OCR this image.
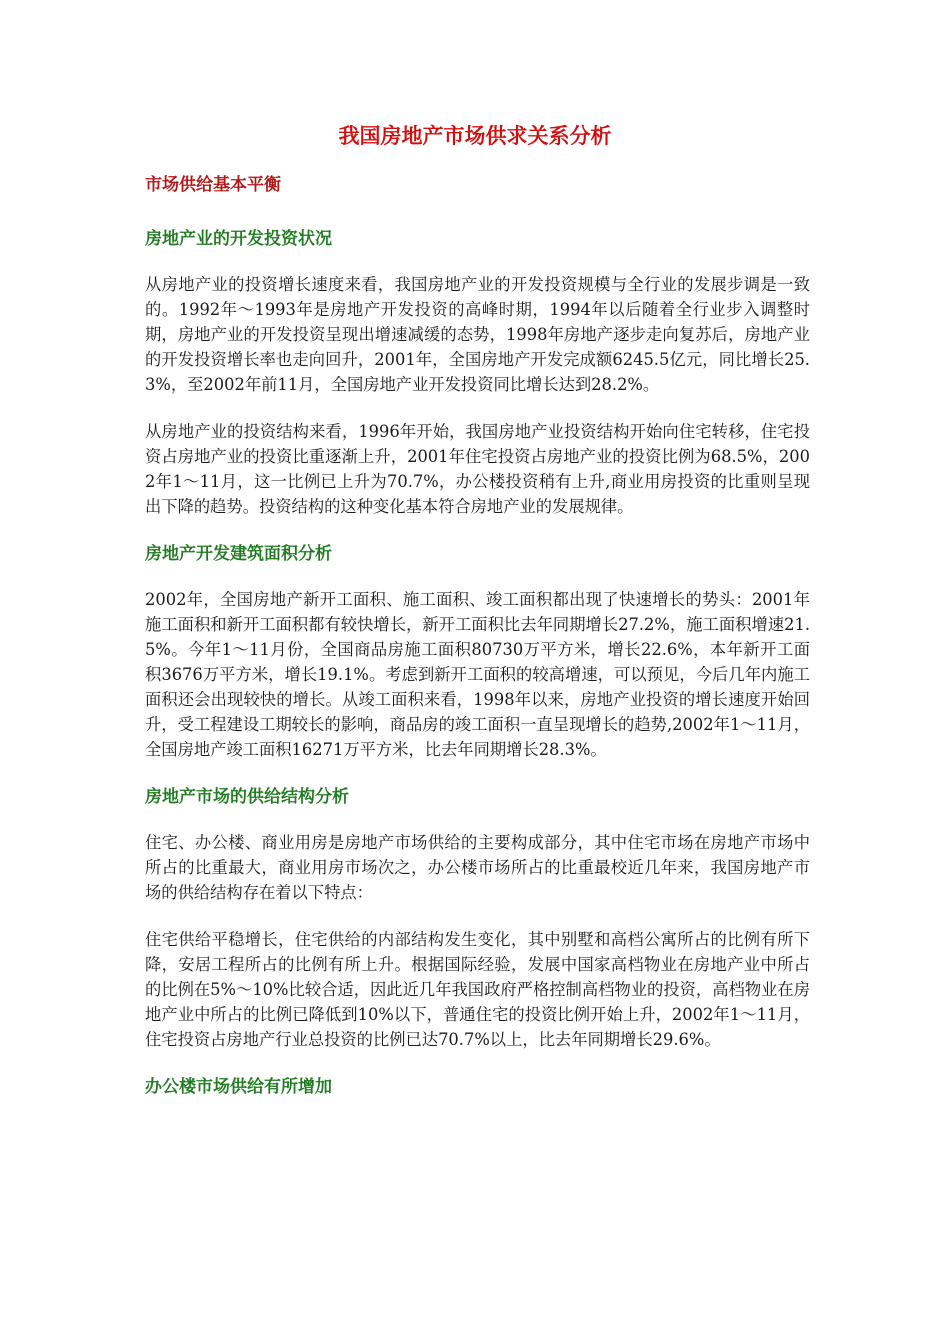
我国房地产市场供求关系分析
市场供给基本平衡
房地产业的开发投资状况

从房地产业的投资增长速度来看，我国房地产业的开发投资规模与全行业的发展步调是一致的。1992年～1993年是房地产开发投资的高峰时期，1994年以后随着全行业步入调整时期，房地产业的开发投资呈现出增速减缓的态势，1998年房地产逐步走向复苏后，房地产业的开发投资增长率也走向回升，2001年，全国房地产开发完成额6245.5亿元，同比增长25.3%，至2002年前11月，全国房地产业开发投资同比增长达到28.2%。

从房地产业的投资结构来看，1996年开始，我国房地产业投资结构开始向住宅转移，住宅投资占房地产业的投资比重逐渐上升，2001年住宅投资占房地产业的投资比例为68.5%，2002年1～11月，这一比例已上升为70.7%，办公楼投资稍有上升,商业用房投资的比重则呈现出下降的趋势。投资结构的这种变化基本符合房地产业的发展规律。

房地产开发建筑面积分析

2002年，全国房地产新开工面积、施工面积、竣工面积都出现了快速增长的势头：2001年施工面积和新开工面积都有较快增长，新开工面积比去年同期增长27.2%，施工面积增速21.5%。今年1～11月份，全国商品房施工面积80730万平方米，增长22.6%，本年新开工面积3676万平方米，增长19.1%。考虑到新开工面积的较高增速，可以预见，今后几年内施工面积还会出现较快的增长。从竣工面积来看，1998年以来，房地产业投资的增长速度开始回升，受工程建设工期较长的影响，商品房的竣工面积一直呈现增长的趋势,2002年1～11月，全国房地产竣工面积16271万平方米，比去年同期增长28.3%。

房地产市场的供给结构分析

住宅、办公楼、商业用房是房地产市场供给的主要构成部分，其中住宅市场在房地产市场中所占的比重最大，商业用房市场次之，办公楼市场所占的比重最校近几年来，我国房地产市场的供给结构存在着以下特点：

住宅供给平稳增长，住宅供给的内部结构发生变化，其中别墅和高档公寓所占的比例有所下降，安居工程所占的比例有所上升。根据国际经验，发展中国家高档物业在房地产业中所占的比例在5%～10%比较合适，因此近几年我国政府严格控制高档物业的投资，高档物业在房地产业中所占的比例已降低到10%以下，普通住宅的投资比例开始上升，2002年1～11月，住宅投资占房地产行业总投资的比例已达70.7%以上，比去年同期增长29.6%。

办公楼市场供给有所增加
